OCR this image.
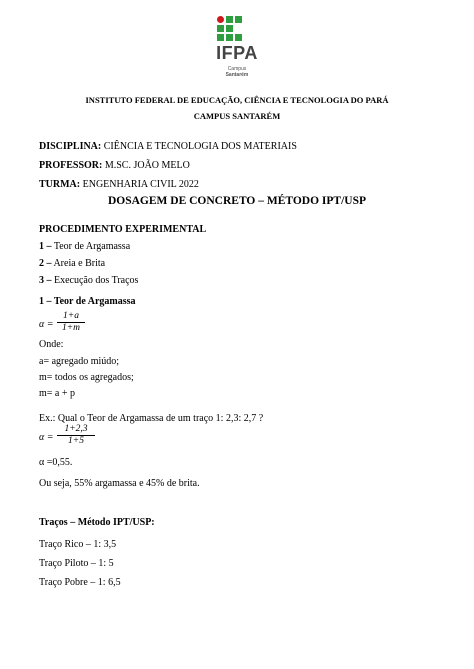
IFPA
Campus
Santarém
INSTITUTO FEDERAL DE EDUCAÇÃO, CIÊNCIA E TECNOLOGIA DO PARÁ
CAMPUS SANTARÉM
DISCIPLINA: CIÊNCIA E TECNOLOGIA DOS MATERIAIS
PROFESSOR: M.SC. JOÃO MELO
TURMA: ENGENHARIA CIVIL 2022
DOSAGEM DE CONCRETO – MÉTODO IPT/USP
PROCEDIMENTO EXPERIMENTAL
1 – Teor de Argamassa
2 – Areia e Brita
3 – Execução dos Traços
1 – Teor de Argamassa
α =
1+a
1+m
Onde:
a= agregado miúdo;
m= todos os agregados;
m= a + p
Ex.: Qual o Teor de Argamassa de um traço 1: 2,3: 2,7 ?
α =
1+2,3
1+5
α =0,55.
Ou seja, 55% argamassa e 45% de brita.
Traços – Método IPT/USP:
Traço Rico – 1: 3,5
Traço Piloto – 1: 5
Traço Pobre – 1: 6,5
